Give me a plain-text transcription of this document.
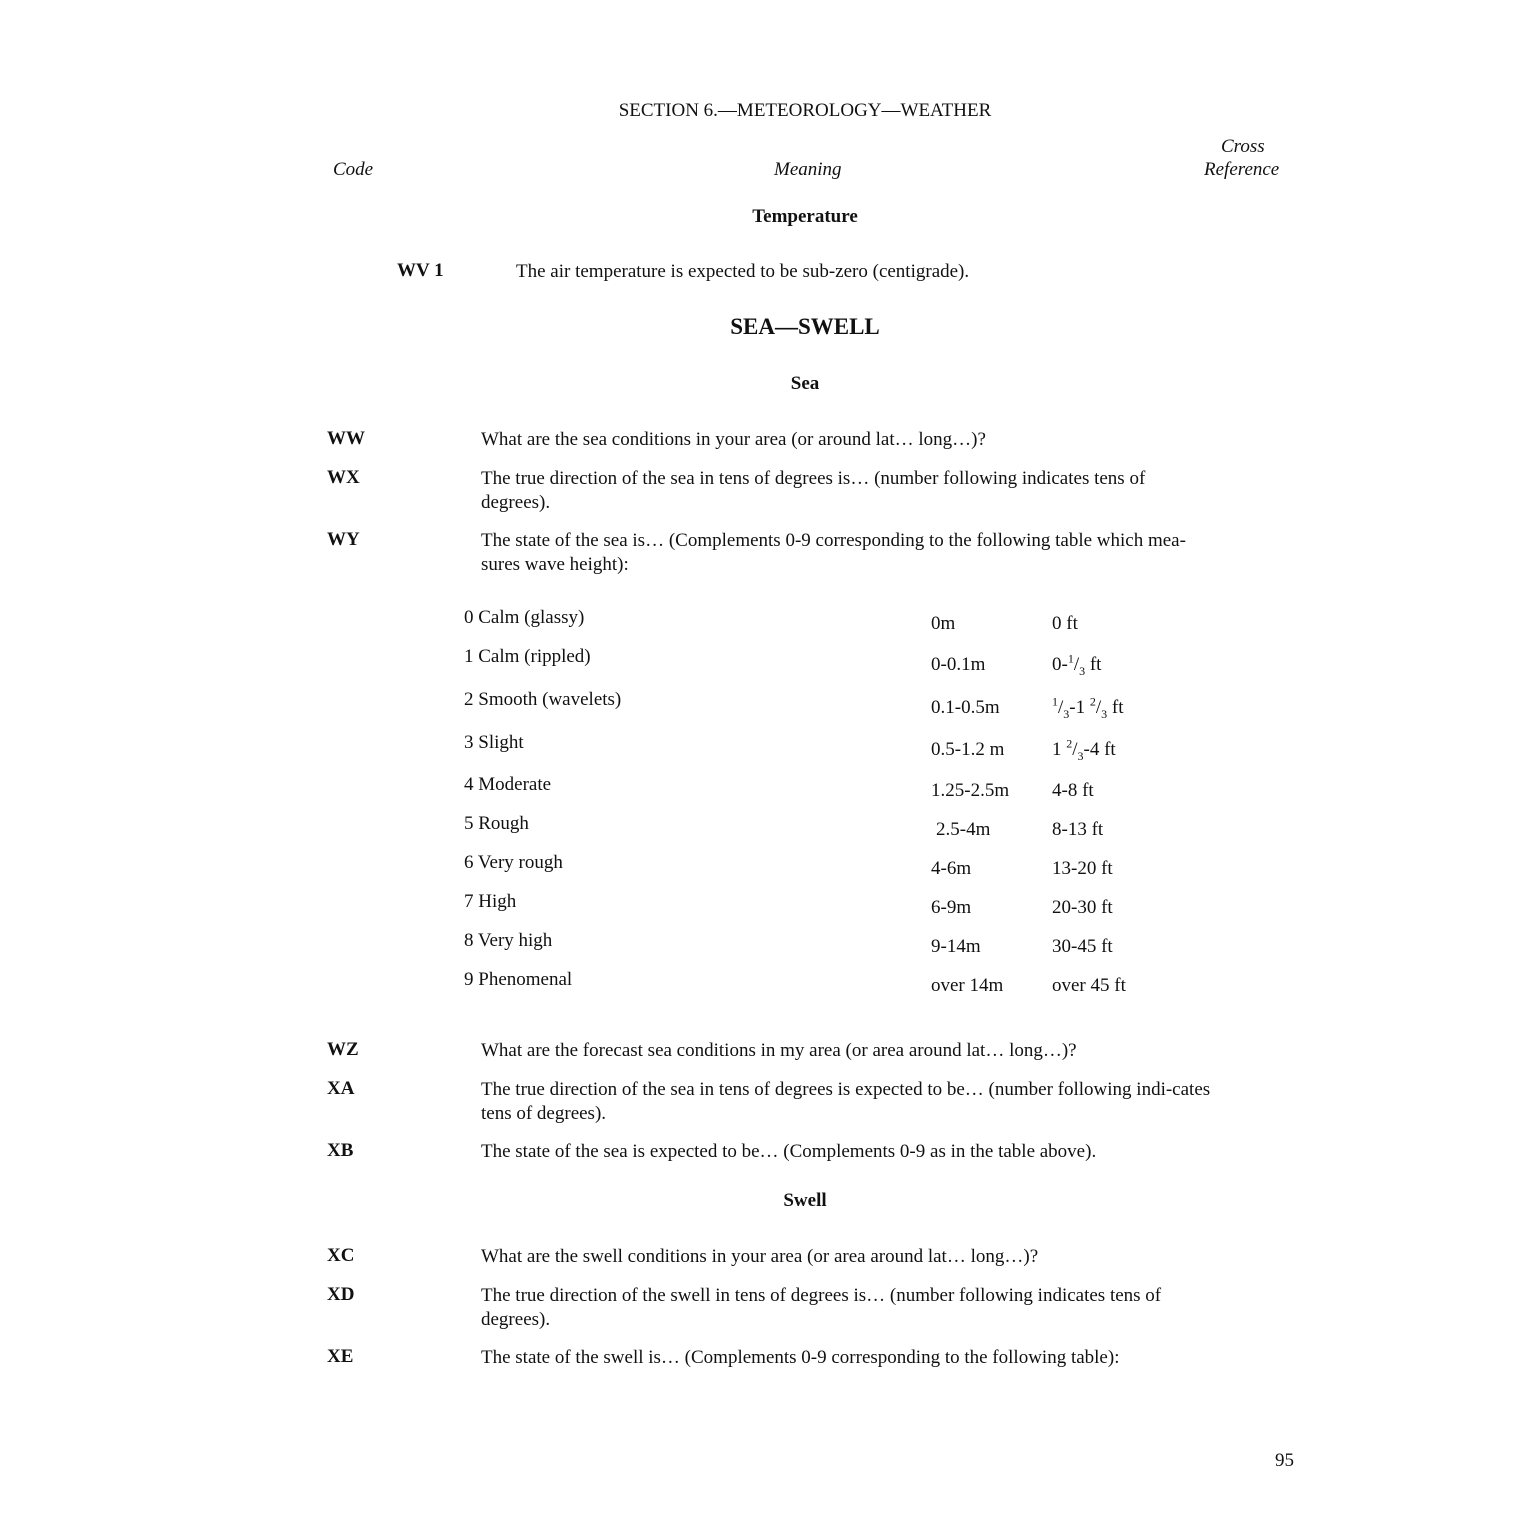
SECTION 6.—METEOROLOGY—WEATHER
Code	Meaning
Cross
Reference
Temperature
WV 1	The air temperature is expected to be sub-zero (centigrade).
SEA—SWELL
Sea
WW	What are the sea conditions in your area (or around lat… long…)?
WX	The true direction of the sea in tens of degrees is… (number following indicates tens of degrees).
WY	The state of the sea is… (Complements 0-9 corresponding to the following table which mea-sures wave height):
0 Calm (glassy)	0m	0 ft
1 Calm (rippled)	0-0.1m	$0-^1/_3$ ft
2 Smooth (wavelets)	0.1-0.5m	$^1/_3-1$ $^2/_3$ ft
3 Slight	0.5-1.2 m	1 $^2/_3-4$ ft
4 Moderate	1.25-2.5m 4-8 ft
5 Rough	2.5-4m	8-13 ft
6 Very rough	4-6m	13-20 ft
7 High	6-9m	20-30 ft
8 Very high	9-14m	30-45 ft
9 Phenomenal	over 14m	over 45 ft
WZ	What are the forecast sea conditions in my area (or area around lat… long…)?
XA	The true direction of the sea in tens of degrees is expected to be… (number following indi-cates tens of degrees).
XB	The state of the sea is expected to be… (Complements 0-9 as in the table above).
Swell
XC	What are the swell conditions in your area (or area around lat… long…)?
XD	The true direction of the swell in tens of degrees is… (number following indicates tens of degrees).
XE	The state of the swell is… (Complements 0-9 corresponding to the following table):
95
